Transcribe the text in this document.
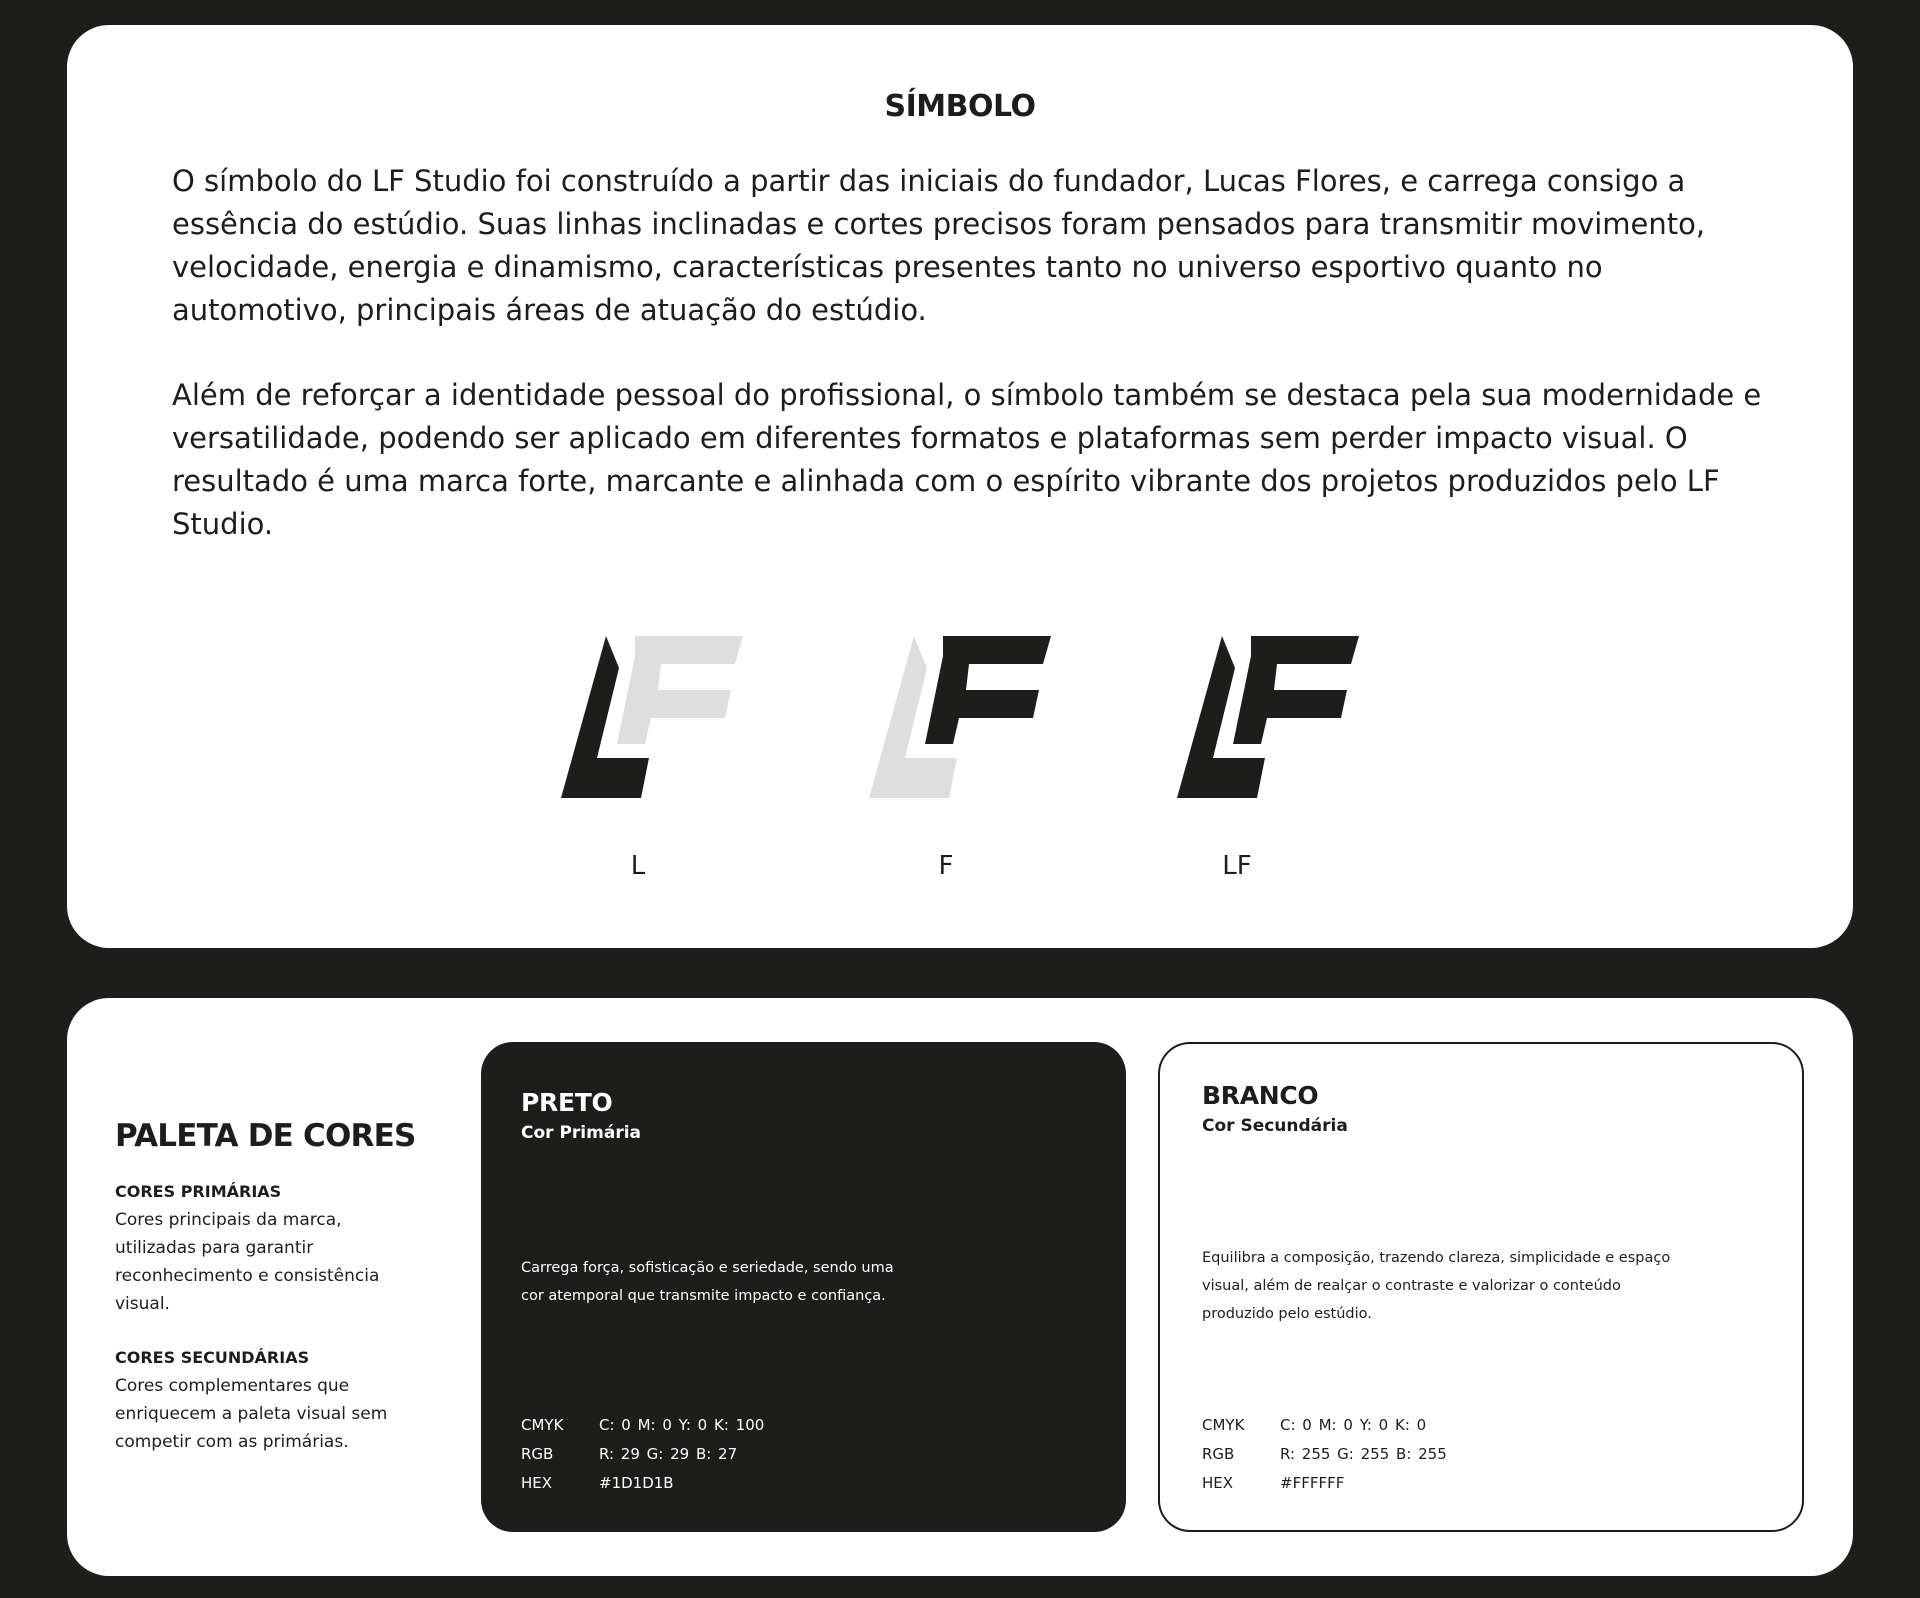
SÍMBOLO

O símbolo do LF Studio foi construído a partir das iniciais do fundador, Lucas Flores, e carrega consigo a essência do estúdio. Suas linhas inclinadas e cortes precisos foram pensados para transmitir movimento, velocidade, energia e dinamismo, características presentes tanto no universo esportivo quanto no automotivo, principais áreas de atuação do estúdio.

Além de reforçar a identidade pessoal do profissional, o símbolo também se destaca pela sua modernidade e versatilidade, podendo ser aplicado em diferentes formatos e plataformas sem perder impacto visual. O resultado é uma marca forte, marcante e alinhada com o espírito vibrante dos projetos produzidos pelo LF Studio.

L	F	LF
PALETA DE CORES
CORES PRIMÁRIAS

Cores principais da marca, utilizadas para garantir reconhecimento e consistência visual.

CORES SECUNDÁRIAS

Cores complementares que enriquecem a paleta visual sem competir com as primárias.

PRETO
Cor Primária

Carrega força, sofisticação e seriedade, sendo uma cor atemporal que transmite impacto e confiança.

CMYK C: 0 M: 0 Y: 0 K: 100
RGB	R: 29 G: 29 B: 27
HEX	#1D1D1B
BRANCO
Cor Secundária

Equilibra a composição, trazendo clareza, simplicidade e espaço visual, além de realçar o contraste e valorizar o conteúdo produzido pelo estúdio.

CMYK C: 0 M: 0 Y: 0 K: 0
RGB	R: 255 G: 255 B: 255
HEX	#FFFFFF
